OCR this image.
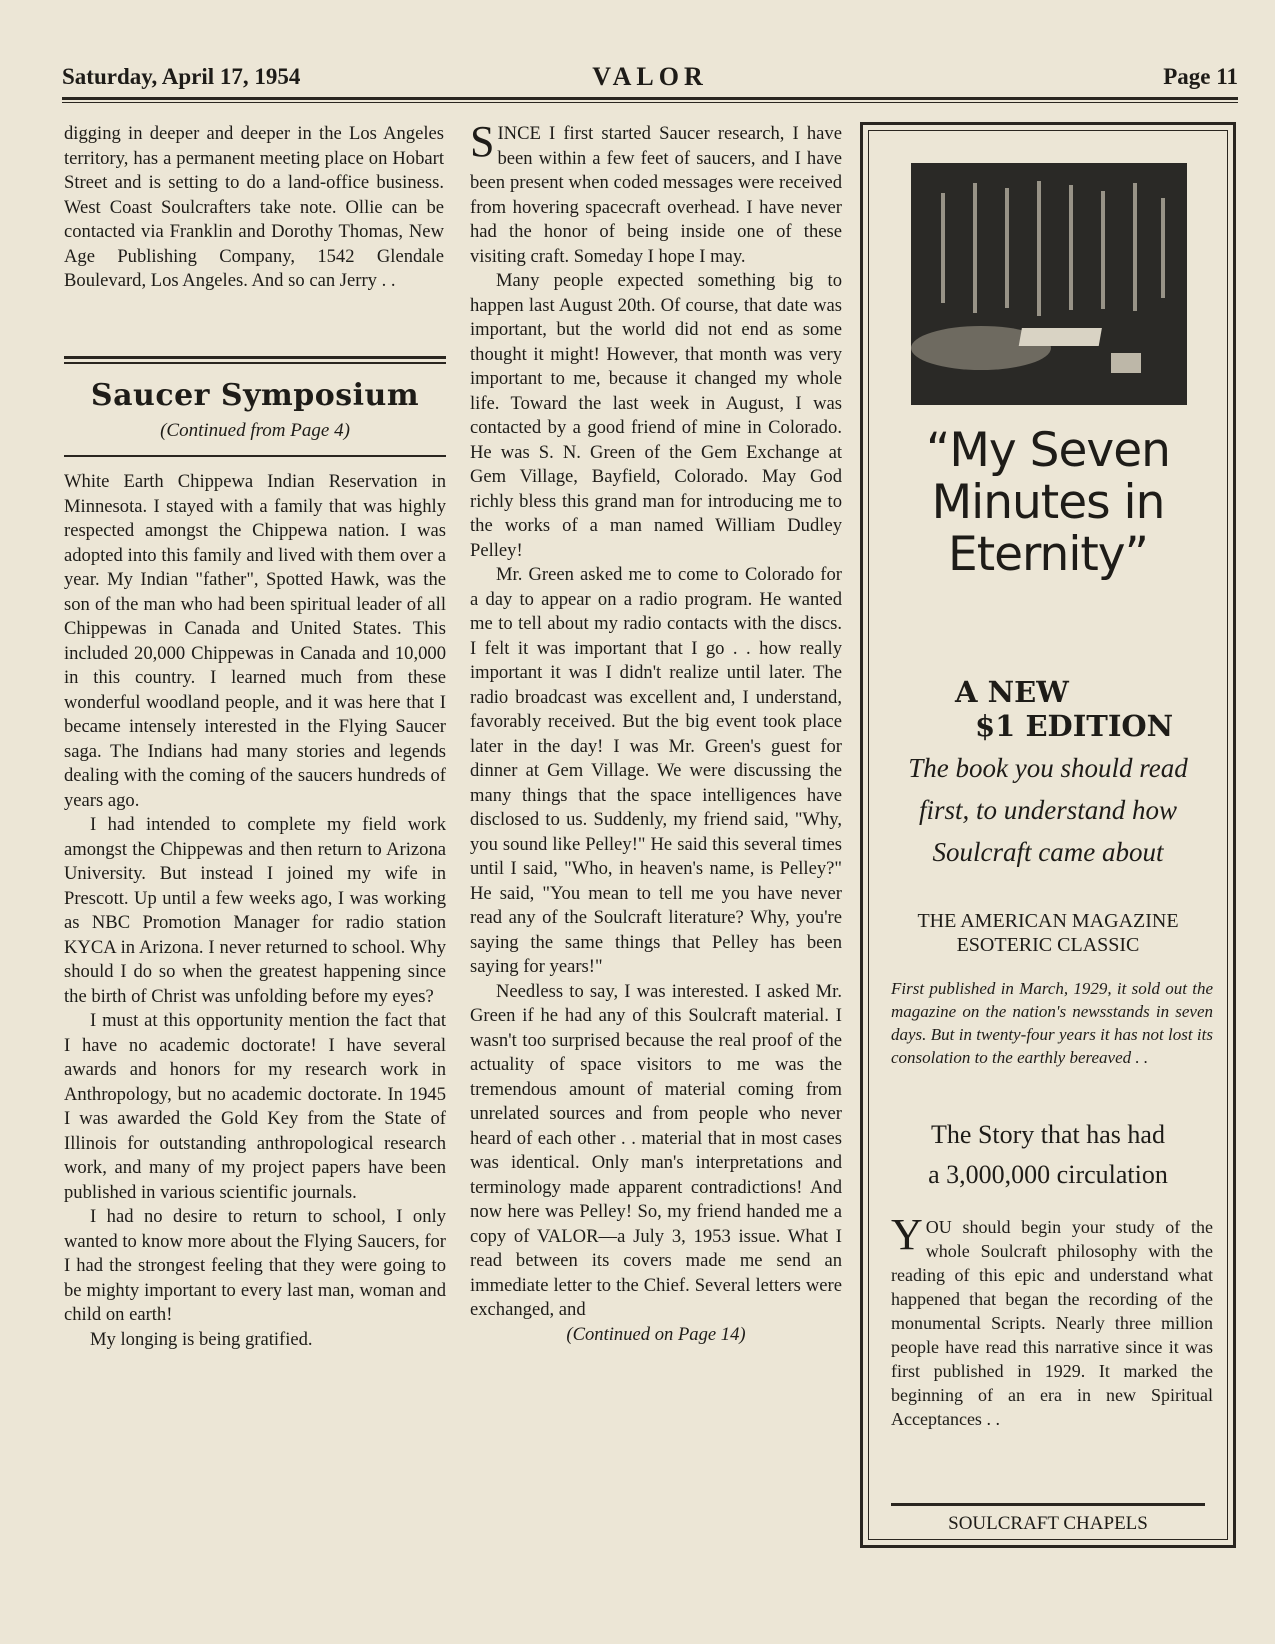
Saturday, April 17, 1954	VALOR	Page 11

digging in deeper and deeper in the Los Angeles territory, has a permanent meeting place on Hobart Street and is setting to do a land-office business. West Coast Soulcrafters take note. Ollie can be contacted via Franklin and Dorothy Thomas, New Age Publishing Company, 1542 Glendale Boulevard, Los Angeles. And so can Jerry . .

Saucer Symposium
(Continued from Page 4)

White Earth Chippewa Indian Reservation in Minnesota. I stayed with a family that was highly respected amongst the Chippewa nation. I was adopted into this family and lived with them over a year. My Indian "father", Spotted Hawk, was the son of the man who had been spiritual leader of all Chippewas in Canada and United States. This included 20,000 Chippewas in Canada and 10,000 in this country. I learned much from these wonderful woodland people, and it was here that I became intensely interested in the Flying Saucer saga. The Indians had many stories and legends dealing with the coming of the saucers hundreds of years ago.

I had intended to complete my field work amongst the Chippewas and then return to Arizona University. But instead I joined my wife in Prescott. Up until a few weeks ago, I was working as NBC Promotion Manager for radio station KYCA in Arizona. I never returned to school. Why should I do so when the greatest happening since the birth of Christ was unfolding before my eyes?

I must at this opportunity mention the fact that I have no academic doctorate! I have several awards and honors for my research work in Anthropology, but no academic doctorate. In 1945 I was awarded the Gold Key from the State of Illinois for outstanding anthropological research work, and many of my project papers have been published in various scientific journals.

I had no desire to return to school, I only wanted to know more about the Flying Saucers, for I had the strongest feeling that they were going to be mighty important to every last man, woman and child on earth!

My longing is being gratified.

SINCE I first started Saucer research, I have been within a few feet of saucers, and I have been present when coded messages were received from hovering spacecraft overhead. I have never had the honor of being inside one of these visiting craft. Someday I hope I may.

Many people expected something big to happen last August 20th. Of course, that date was important, but the world did not end as some thought it might! However, that month was very important to me, because it changed my whole life. Toward the last week in August, I was contacted by a good friend of mine in Colorado. He was S. N. Green of the Gem Exchange at Gem Village, Bayfield, Colorado. May God richly bless this grand man for introducing me to the works of a man named William Dudley Pelley!

Mr. Green asked me to come to Colorado for a day to appear on a radio program. He wanted me to tell about my radio contacts with the discs. I felt it was important that I go . . how really important it was I didn't realize until later. The radio broadcast was excellent and, I understand, favorably received. But the big event took place later in the day! I was Mr. Green's guest for dinner at Gem Village. We were discussing the many things that the space intelligences have disclosed to us. Suddenly, my friend said, "Why, you sound like Pelley!" He said this several times until I said, "Who, in heaven's name, is Pelley?" He said, "You mean to tell me you have never read any of the Soulcraft literature? Why, you're saying the same things that Pelley has been saying for years!"

Needless to say, I was interested. I asked Mr. Green if he had any of this Soulcraft material. I wasn't too surprised because the real proof of the actuality of space visitors to me was the tremendous amount of material coming from unrelated sources and from people who never heard of each other . . material that in most cases was identical. Only man's interpretations and terminology made apparent contradictions! And now here was Pelley! So, my friend handed me a copy of VALOR—a July 3, 1953 issue. What I read between its covers made me send an immediate letter to the Chief. Several letters were exchanged, and

(Continued on Page 14)
“My Seven
Minutes in
Eternity”
A NEW
$1 EDITION
The book you should read
first, to understand how
Soulcraft came about
THE AMERICAN MAGAZINE
ESOTERIC CLASSIC
First published in March, 1929, it sold out the magazine on the nation's newsstands in seven days. But in twenty-four years it has not lost its consolation to the earthly bereaved . .
The Story that has had
a 3,000,000 circulation
YOU should begin your study of the whole Soulcraft philosophy with the reading of this epic and understand what happened that began the recording of the monumental Scripts. Nearly three million people have read this narrative since it was first published in 1929. It marked the beginning of an era in new Spiritual Acceptances . .
SOULCRAFT CHAPELS
